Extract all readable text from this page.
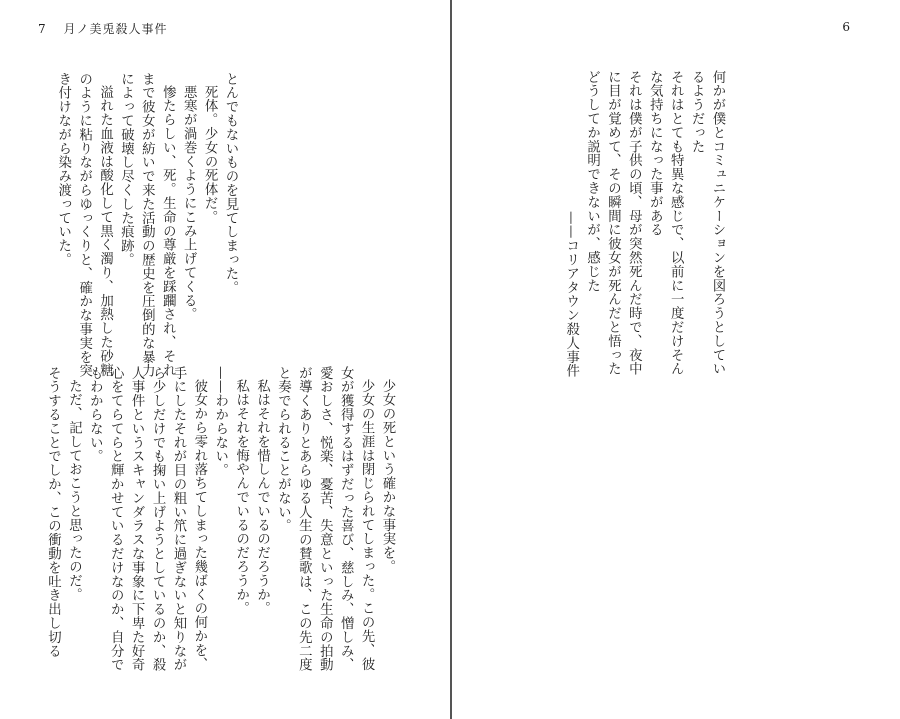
7 月ノ美兎殺人事件
とんでもないものを見てしまった。
死体。少女の死体だ。
悪寒が渦巻くようにこみ上げてくる。
惨たらしい、死。生命の尊厳を踩躙され、それ
まで彼女が紡いで来た活動の歴史を圧倒的な暴力
によって破壊し尽くした痕跡。
溢れた血液は酸化して黒く濁り、加熱した砂糖
のように粘りながらゆっくりと、確かな事実を突
き付けながら染み渡っていた。
少女の死という確かな事実を。
少女の生涯は閉じられてしまった。この先、彼
女が獲得するはずだった喜び、慈しみ、憎しみ、
愛おしさ、悦楽、憂苦、失意といった生命の拍動
が導くありとあらゆる人生の賛歌は、この先二度
と奏でられることがない。
私はそれを惜しんでいるのだろうか。
私はそれを悔やんでいるのだろうか。
——わからない。
彼女から零れ落ちてしまった幾ばくの何かを、
手にしたそれが目の粗い笊に過ぎないと知りなが
ら少しだけでも掬い上げようとしているのか、殺
人事件というスキャンダラスな事象に下卑た好奇
心をてらてらと輝かせているだけなのか、自分で
もわからない。
ただ、記しておこうと思ったのだ。
そうすることでしか、この衝動を吐き出し切る
6
何かが僕とコミュニケーションを図ろうとしてい
るようだった
それはとても特異な感じで、以前に一度だけそん
な気持ちになった事がある
それは僕が子供の頃、母が突然死んだ時で、夜中
に目が覚めて、その瞬間に彼女が死んだと悟った
どうしてか説明できないが、感じた
——コリアタウン殺人事件
